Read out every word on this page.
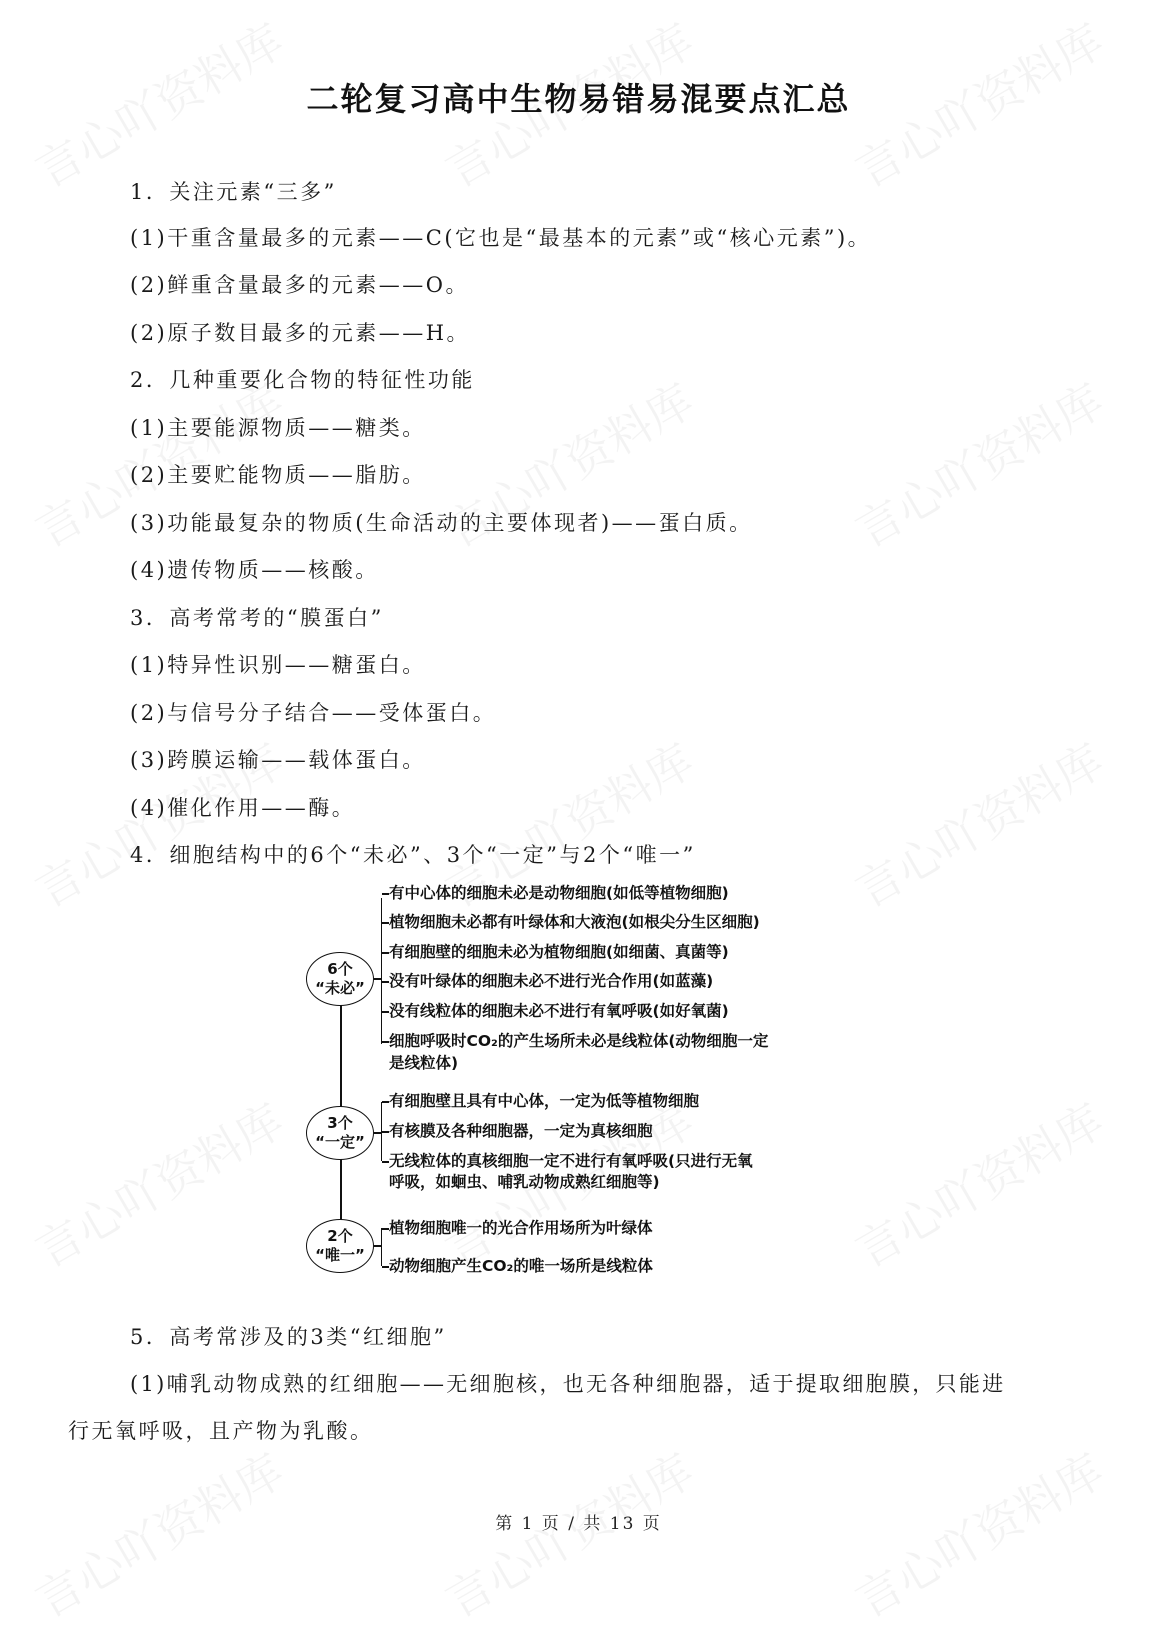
二轮复习高中生物易错易混要点汇总
1．关注元素“三多”
(1)干重含量最多的元素——C(它也是“最基本的元素”或“核心元素”)。
(2)鲜重含量最多的元素——O。
(2)原子数目最多的元素——H。
2．几种重要化合物的特征性功能
(1)主要能源物质——糖类。
(2)主要贮能物质——脂肪。
(3)功能最复杂的物质(生命活动的主要体现者)——蛋白质。
(4)遗传物质——核酸。
3．高考常考的“膜蛋白”
(1)特异性识别——糖蛋白。
(2)与信号分子结合——受体蛋白。
(3)跨膜运输——载体蛋白。
(4)催化作用——酶。
4．细胞结构中的6个“未必”、3个“一定”与2个“唯一”
6个
“未必”
有中心体的细胞未必是动物细胞(如低等植物细胞)
植物细胞未必都有叶绿体和大液泡(如根尖分生区细胞)
有细胞壁的细胞未必为植物细胞(如细菌、真菌等)
没有叶绿体的细胞未必不进行光合作用(如蓝藻)
没有线粒体的细胞未必不进行有氧呼吸(如好氧菌)
细胞呼吸时CO₂的产生场所未必是线粒体(动物细胞一定
是线粒体)
3个
“一定”
有细胞壁且具有中心体，一定为低等植物细胞
有核膜及各种细胞器，一定为真核细胞
无线粒体的真核细胞一定不进行有氧呼吸(只进行无氧
呼吸，如蛔虫、哺乳动物成熟红细胞等)
2个
“唯一”
植物细胞唯一的光合作用场所为叶绿体
动物细胞产生CO₂的唯一场所是线粒体
5．高考常涉及的3类“红细胞”
(1)哺乳动物成熟的红细胞——无细胞核，也无各种细胞器，适于提取细胞膜，只能进
行无氧呼吸，且产物为乳酸。
第 1 页 / 共 13 页
